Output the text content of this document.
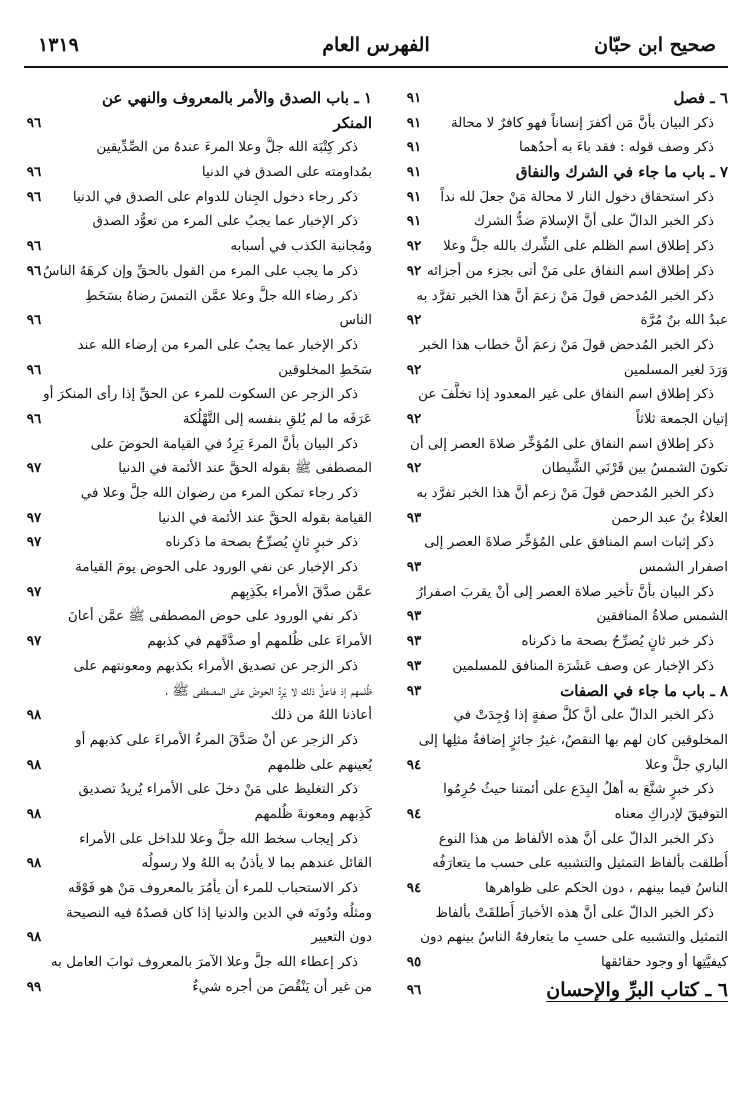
صحيح ابن حبّان
الفهرس العام
١٣١٩
٦ ـ فصل
٩١
ذكر البيان بأنَّ مَن أكفرَ إنساناً فهو كافرٌ لا محالة
٩١
ذكر وصف قوله : فقد باءَ به أحدُهما
٩١
٧ ـ باب ما جاء في الشرك والنفاق
٩١
ذكر استحقاق دخول النار لا محالة مَنْ جعلَ لله نداً
٩١
ذكر الخبر الدالّ على أنَّ الإسلامَ ضدُّ الشرك
٩١
ذكر إطلاق اسم الظلم على الشِّرك بالله جلَّ وعلا
٩٢
ذكر إطلاق اسم النفاق على مَنْ أتى بجزء من أجزائه
٩٢
ذكر الخبر المُدحض قولَ مَنْ زعمَ أنَّ هذا الخبر تفرَّد به
عبدُ الله بنُ مُرَّة
٩٢
ذكر الخبر المُدحض قولَ مَنْ زعمَ أنَّ خطاب هذا الخبر
وَرَدَ لغير المسلمين
٩٢
ذكر إطلاق اسم النفاق على غير المعدود إذا تخلَّفَ عن
إتيان الجمعة ثلاثاً
٩٢
ذكر إطلاق اسم النفاق على المُؤخِّر صلاةَ العصر إلى أن
تكونَ الشمسُ بين قَرْنَي الشَّيطان
٩٢
ذكر الخبر المُدحض قولَ مَنْ زعم أنَّ هذا الخبر تفرَّد به
العلاءُ بنُ عبد الرحمن
٩٣
ذكر إثبات اسم المنافق على المُؤخِّر صلاةَ العصر إلى
اصفرار الشمس
٩٣
ذكر البيان بأنَّ تأخير صلاة العصر إلى أنْ يقربَ اصفرارُ
الشمس صلاةُ المنافقين
٩٣
ذكر خبر ثانٍ يُصرِّحُ بصحة ما ذكرناه
٩٣
ذكر الإخبار عن وصف عَشَرَة المنافق للمسلمين
٩٣
٨ ـ باب ما جاء في الصفات
٩٣
ذكر الخبر الدالّ على أنَّ كلَّ صفةٍ إذا وُجِدَتْ في
المخلوقين كان لهم بها النقصُ، غيرُ جائزٍ إضافةُ مثلِها إلى
الباري جلَّ وعلا
٩٤
ذكر خبرٍ شنَّعَ به أهلُ البِدَع على أئمتنا حيثُ حُرِمُوا
التوفيقَ لإدراكِ معناه
٩٤
ذكر الخبر الدالّ على أنَّ هذه الألفاظ من هذا النوع
أُطلقت بألفاظ التمثيل والتشبيه على حسب ما يتعارَفُه
الناسُ فيما بينهم ، دون الحكم على ظواهرها
٩٤
ذكر الخبر الدالّ على أنَّ هذه الأخبارَ أُطلقَتْ بألفاظ
التمثيل والتشبيه على حسبِ ما يتعارفهُ الناسُ بينهم دون
كيفيَّتِها أو وجود حقائقها
٩٥
٦ ـ كتاب البرِّ والإحسان
٩٦
١ ـ باب الصدق والأمر بالمعروف والنهي عن
المنكر
٩٦
ذكر كِتْبَة الله جلَّ وعلا المرءَ عندهُ من الصِّدِّيقين
بمُداومته على الصدق في الدنيا
٩٦
ذكر رجاء دخول الجِنان للدوام على الصدق في الدنيا
٩٦
ذكر الإخبار عما يجبُ على المرء من تعوُّد الصدق
ومُجانبة الكذب في أسبابه
٩٦
ذكر ما يجب على المرء من القول بالحقِّ وإن كرهَهُ الناسُ
٩٦
ذكر رضاء الله جلَّ وعلا عمَّن التمسَ رضاهُ بسَخَطِ
الناس
٩٦
ذكر الإخبار عما يجبُ على المرء من إرضاء الله عند
سَخَطِ المخلوقين
٩٦
ذكر الزجر عن السكوت للمرء عن الحقِّ إذا رأى المنكرَ أو
عَرَفَه ما لم يُلقِ بنفسه إلى التَّهْلُكة
٩٦
ذكر البيان بأنَّ المرءَ يَرِدُ في القيامة الحوضَ على
المصطفى ﷺ بقوله الحقَّ عند الأئمة في الدنيا
٩٧
ذكر رجاء تمكن المرء من رضوان الله جلَّ وعلا في
القيامة بقوله الحقَّ عند الأئمة في الدنيا
٩٧
ذكر خبرٍ ثانٍ يُصرِّحُ بصحة ما ذكرناه
٩٧
ذكر الإخبار عن نفي الورود على الحوض يومَ القيامة
عمَّن صدَّقَ الأمراء بكَذِبِهم
٩٧
ذكر نفي الورود على حوض المصطفى ﷺ عمَّن أعانَ
الأمراءَ على ظُلمهم أو صدَّقَهم في كذبهم
٩٧
ذكر الزجر عن تصديق الأمراء بكذبهم ومعونتهم على
ظُلمهم إذ فاعلُ ذلك لا يَرِدُ الحوضَ على المصطفى ﷺ ،
أعاذنا اللهُ من ذلك
٩٨
ذكر الزجر عن أنْ صَدَّقَ المرءُ الأمراءَ على كذبهم أو
يُعينهم على ظلمهم
٩٨
ذكر التغليظ على مَنْ دخلَ على الأمراء يُريدُ تصديق
كَذِبهم ومعونةَ ظُلمهم
٩٨
ذكر إيجاب سخط الله جلَّ وعلا للداخل على الأمراء
القائل عندهم بما لا يأذنُ به اللهُ ولا رسولُه
٩٨
ذكر الاستحباب للمرء أن يأمُرَ بالمعروف مَنْ هو فَوْقَه
ومثلُه ودُونَه في الدين والدنيا إذا كان قصدُهُ فيه النصيحة
دون التعيير
٩٨
ذكر إعطاء الله جلَّ وعلا الآمرَ بالمعروف ثوابَ العامل به
من غير أن يَنْقُصَ من أجره شيءٌ
٩٩
